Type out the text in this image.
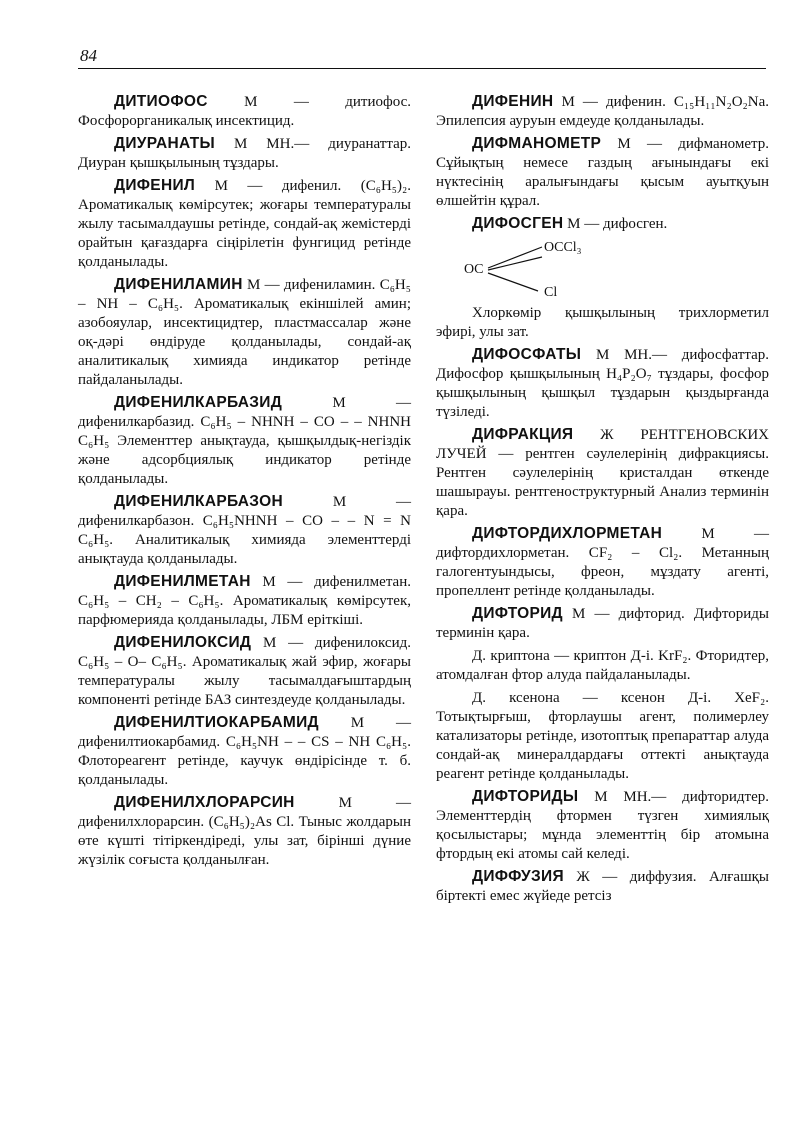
84

ДИТИОФОС М — дитиофос. Фосфорорганикалық инсектицид.

ДИУРАНАТЫ М МН.— диуранаттар. Диуран қышқылының тұздары.

ДИФЕНИЛ М — дифенил. (C₆H₅)₂. Ароматикалық көмірсутек; жоғары температуралы жылу тасымалдаушы ретінде, сондай-ақ жемістерді орайтын қағаздарға сіңірілетін фунгицид ретінде қолданылады.

ДИФЕНИЛАМИН М — дифениламин. C₆H₅ – NH – C₆H₅. Ароматикалық екіншілей амин; азобояулар, инсектицидтер, пластмассалар және оқ-дәрі өндіруде қолданылады, сондай-ақ аналитикалық химияда индикатор ретінде пайдаланылады.

ДИФЕНИЛКАРБАЗИД	М — дифенилкарбазид. C₆H₅ – NHNH – CO – – NHNH C₆H₅ Элементтер анықтауда, қышқылдық-негіздік және адсорбциялық индикатор ретінде қолданылады.

ДИФЕНИЛКАРБАЗОН	М — дифенилкарбазон. C₆H₅NHNH – CO – – N = N C₆H₅. Аналитикалық химияда элементтерді анықтауда қолданылады.

ДИФЕНИЛМЕТАН М — дифенилметан. C₆H₅ – CH₂ – C₆H₅. Ароматикалық көмірсутек, парфюмерияда қолданылады, ЛБМ еріткіші.

ДИФЕНИЛОКСИД М — дифенилоксид. C₆H₅ – O– C₆H₅. Ароматикалық жай эфир, жоғары температуралы жылу тасымалдағыштардың компоненті ретінде БАЗ синтездеуде қолданылады.

ДИФЕНИЛТИОКАРБАМИД М — дифенилтиокарбамид. C₆H₅NH – – CS – NH C₆H₅. Флотореагент ретінде, каучук өндірісінде т. б. қолданылады.

ДИФЕНИЛХЛОРАРСИН	М — дифенилхлорарсин. (C₆H₅)₂As Cl. Тыныс жолдарын өте күшті тітіркендіреді, улы зат, бірінші дүние жүзілік соғыста қолданылған.

ДИФЕНИН М — дифенин. C₁₅H₁₁N₂O₂Na. Эпилепсия ауруын емдеуде қолданылады.

ДИФМАНОМЕТР М — дифманометр. Сұйықтың немесе газдың ағынындағы екі нүктесінің аралығындағы қысым ауытқуын өлшейтін құрал.

ДИФОСГЕН М — дифосген.

OCCl₃
OC
Cl

Хлоркөмір қышқылының трихлорметил эфирі, улы зат.

ДИФОСФАТЫ М МН.— дифосфаттар. Дифосфор қышқылының H₄P₂O₇ тұздары, фосфор қышқылының қышқыл тұздарын қыздырғанда түзіледі.

ДИФРАКЦИЯ Ж РЕНТГЕНОВСКИХ ЛУЧЕЙ — рентген сәулелерінің дифракциясы. Рентген сәулелерінің кристалдан өткенде шашырауы. рентгеноструктурный Анализ терминін қара.

ДИФТОРДИХЛОРМЕТАН	М — дифтордихлорметан. CF₂ – Cl₂. Метанның галогентуындысы, фреон, мұздату агенті, пропеллент ретінде қолданылады.

ДИФТОРИД М — дифторид. Дифториды терминін қара.

Д. криптона — криптон Д-і. KrF₂. Фторидтер, атомдалған фтор алуда пайдаланылады.

Д. ксенона — ксенон Д-і. XeF₂. Тотықтырғыш, фторлаушы агент, полимерлеу катализаторы ретінде, изотоптық препараттар алуда сондай-ақ минералдардағы оттекті анықтауда реагент ретінде қолданылады.

ДИФТОРИДЫ М МН.— дифторидтер. Элементтердің фтормен түзген химиялық қосылыстары; мұнда элементтің бір атомына фтордың екі атомы сай келеді.

ДИФФУЗИЯ Ж — диффузия. Алғашқы біртекті емес жүйеде ретсіз
